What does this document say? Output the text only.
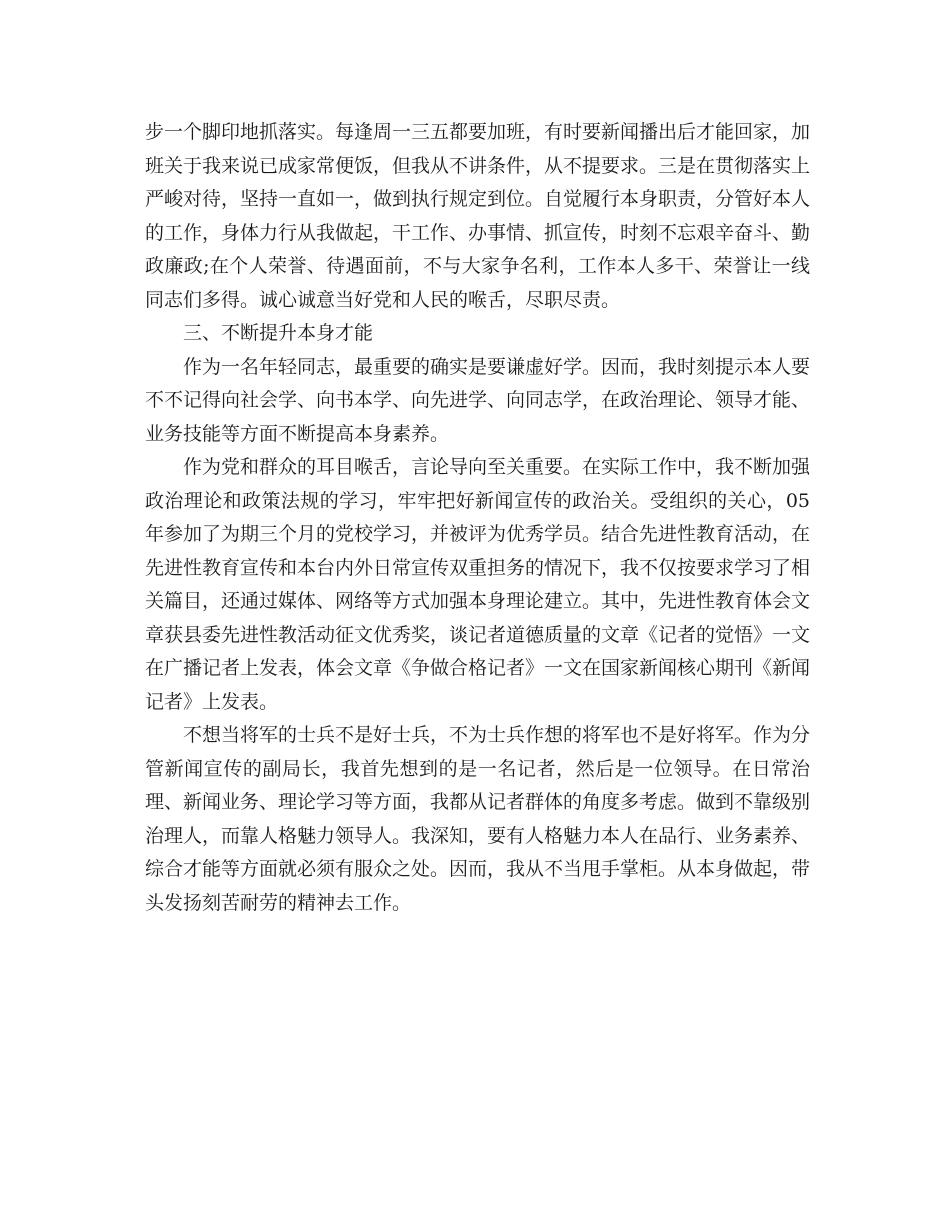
步一个脚印地抓落实。每逢周一三五都要加班，有时要新闻播出后才能回家，加班关于我来说已成家常便饭，但我从不讲条件，从不提要求。三是在贯彻落实上严峻对待，坚持一直如一，做到执行规定到位。自觉履行本身职责，分管好本人的工作，身体力行从我做起，干工作、办事情、抓宣传，时刻不忘艰辛奋斗、勤政廉政;在个人荣誉、待遇面前，不与大家争名利，工作本人多干、荣誉让一线同志们多得。诚心诚意当好党和人民的喉舌，尽职尽责。

三、不断提升本身才能

作为一名年轻同志，最重要的确实是要谦虚好学。因而，我时刻提示本人要不不记得向社会学、向书本学、向先进学、向同志学，在政治理论、领导才能、业务技能等方面不断提高本身素养。

作为党和群众的耳目喉舌，言论导向至关重要。在实际工作中，我不断加强政治理论和政策法规的学习，牢牢把好新闻宣传的政治关。受组织的关心，05年参加了为期三个月的党校学习，并被评为优秀学员。结合先进性教育活动，在先进性教育宣传和本台内外日常宣传双重担务的情况下，我不仅按要求学习了相关篇目，还通过媒体、网络等方式加强本身理论建立。其中，先进性教育体会文章获县委先进性教活动征文优秀奖，谈记者道德质量的文章《记者的觉悟》一文在广播记者上发表，体会文章《争做合格记者》一文在国家新闻核心期刊《新闻记者》上发表。

不想当将军的士兵不是好士兵，不为士兵作想的将军也不是好将军。作为分管新闻宣传的副局长，我首先想到的是一名记者，然后是一位领导。在日常治理、新闻业务、理论学习等方面，我都从记者群体的角度多考虑。做到不靠级别治理人，而靠人格魅力领导人。我深知，要有人格魅力本人在品行、业务素养、综合才能等方面就必须有服众之处。因而，我从不当甩手掌柜。从本身做起，带头发扬刻苦耐劳的精神去工作。
